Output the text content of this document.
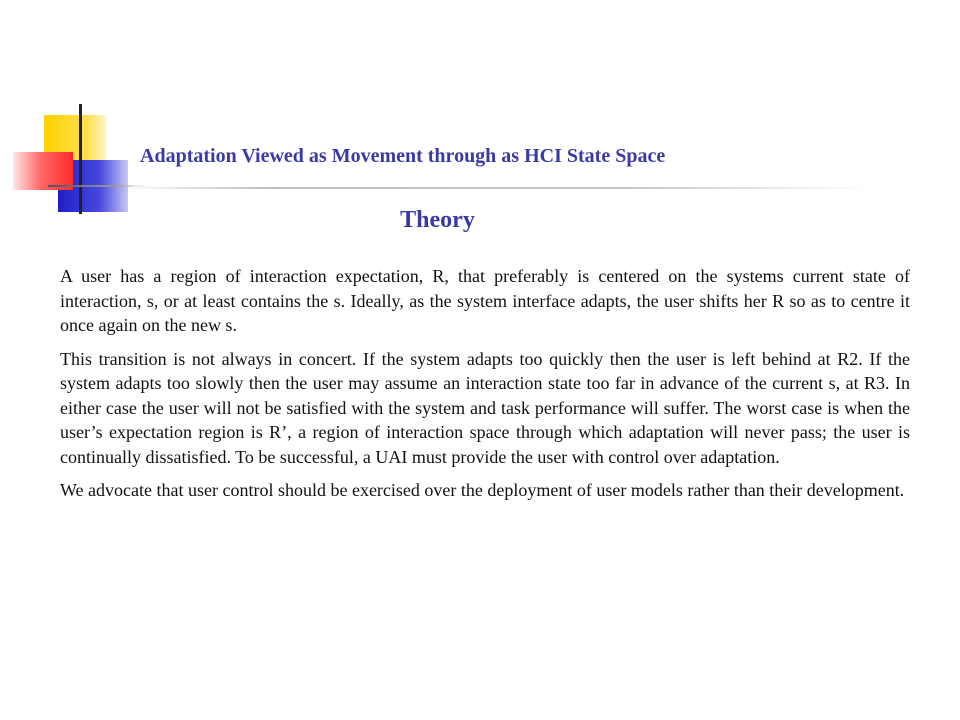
Adaptation Viewed as Movement through as HCI State Space
Theory

A user has a region of interaction expectation, R, that preferably is centered on the systems current state of interaction, s, or at least contains the s. Ideally, as the system interface adapts, the user shifts her R so as to centre it once again on the new s.

This transition is not always in concert. If the system adapts too quickly then the user is left behind at R2. If the system adapts too slowly then the user may assume an interaction state too far in advance of the current s, at R3. In either case the user will not be satisfied with the system and task performance will suffer. The worst case is when the user’s expectation region is R’, a region of interaction space through which adaptation will never pass; the user is continually dissatisfied. To be successful, a UAI must provide the user with control over adaptation.

We advocate that user control should be exercised over the deployment of user models rather than their development.
